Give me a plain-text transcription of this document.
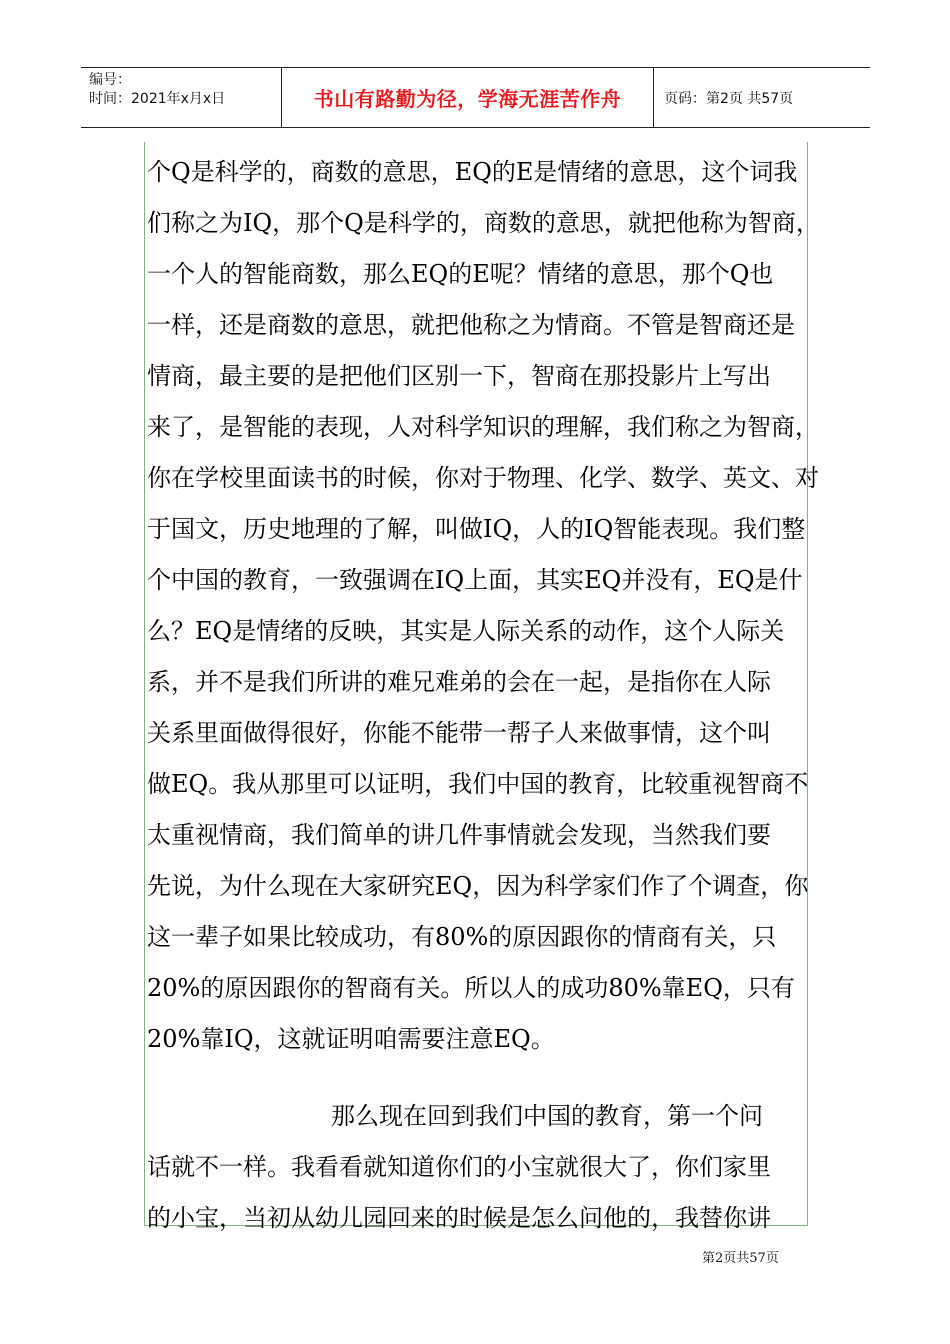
编号：
时间：2021年x月x日	书山有路勤为径，学海无涯苦作舟	页码：第2页 共57页
个Q是科学的，商数的意思，EQ的E是情绪的意思，这个词我
们称之为IQ，那个Q是科学的，商数的意思，就把他称为智商，
一个人的智能商数，那么EQ的E呢？情绪的意思，那个Q也
一样，还是商数的意思，就把他称之为情商。不管是智商还是
情商，最主要的是把他们区别一下，智商在那投影片上写出
来了，是智能的表现，人对科学知识的理解，我们称之为智商，
你在学校里面读书的时候，你对于物理、化学、数学、英文、对
于国文，历史地理的了解，叫做IQ，人的IQ智能表现。我们整
个中国的教育，一致强调在IQ上面，其实EQ并没有，EQ是什
么？EQ是情绪的反映，其实是人际关系的动作，这个人际关
系，并不是我们所讲的难兄难弟的会在一起，是指你在人际
关系里面做得很好，你能不能带一帮子人来做事情，这个叫
做EQ。我从那里可以证明，我们中国的教育，比较重视智商不
太重视情商，我们简单的讲几件事情就会发现，当然我们要
先说，为什么现在大家研究EQ，因为科学家们作了个调查，你
这一辈子如果比较成功，有80%的原因跟你的情商有关，只
20%的原因跟你的智商有关。所以人的成功80%靠EQ，只有
20%靠IQ，这就证明咱需要注意EQ。
那么现在回到我们中国的教育，第一个问
话就不一样。我看看就知道你们的小宝就很大了，你们家里
的小宝，当初从幼儿园回来的时候是怎么问他的，我替你讲
第2页共57页
